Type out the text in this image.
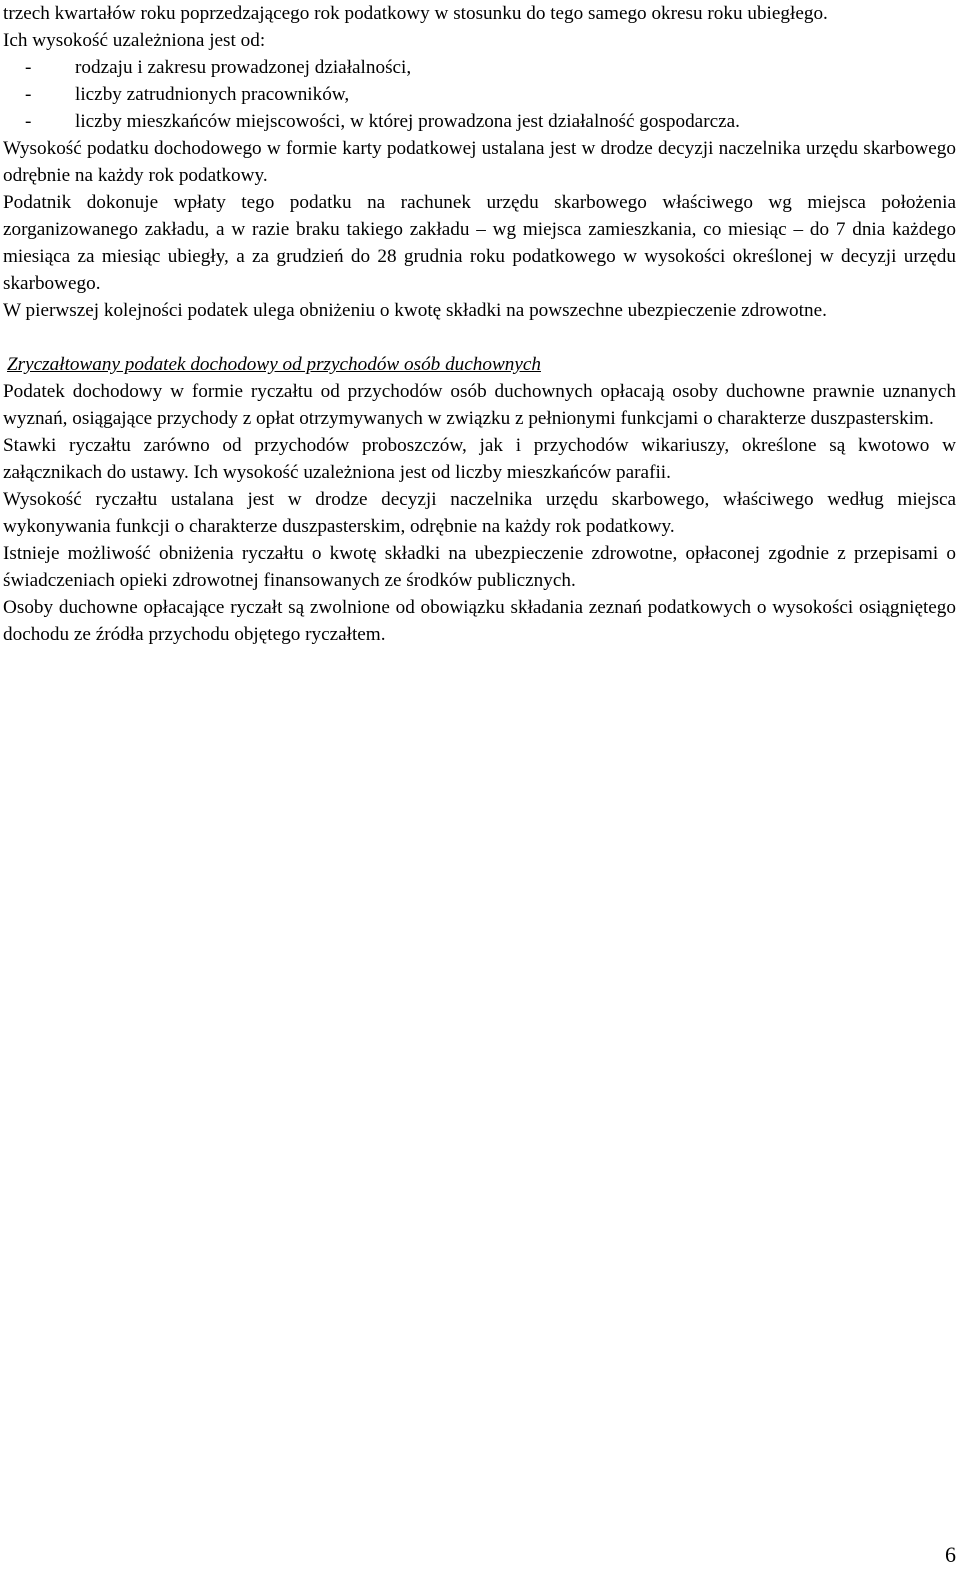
trzech kwartałów roku poprzedzającego rok podatkowy w stosunku do tego samego okresu roku ubiegłego.

Ich wysokość uzależniona jest od:

- rodzaju i zakresu prowadzonej działalności,
- liczby zatrudnionych pracowników,
- liczby mieszkańców miejscowości, w której prowadzona jest działalność gospodarcza.

Wysokość podatku dochodowego w formie karty podatkowej ustalana jest w drodze decyzji naczelnika urzędu skarbowego odrębnie na każdy rok podatkowy.

Podatnik dokonuje wpłaty tego podatku na rachunek urzędu skarbowego właściwego wg miejsca położenia zorganizowanego zakładu, a w razie braku takiego zakładu – wg miejsca zamieszkania, co miesiąc – do 7 dnia każdego miesiąca za miesiąc ubiegły, a za grudzień do 28 grudnia roku podatkowego w wysokości określonej w decyzji urzędu skarbowego.

W pierwszej kolejności podatek ulega obniżeniu o kwotę składki na powszechne ubezpieczenie zdrowotne.

Zryczałtowany podatek dochodowy od przychodów osób duchownych

Podatek dochodowy w formie ryczałtu od przychodów osób duchownych opłacają osoby duchowne prawnie uznanych wyznań, osiągające przychody z opłat otrzymywanych w związku z pełnionymi funkcjami o charakterze duszpasterskim.

Stawki ryczałtu zarówno od przychodów proboszczów, jak i przychodów wikariuszy, określone są kwotowo w załącznikach do ustawy. Ich wysokość uzależniona jest od liczby mieszkańców parafii.

Wysokość ryczałtu ustalana jest w drodze decyzji naczelnika urzędu skarbowego, właściwego według miejsca wykonywania funkcji o charakterze duszpasterskim, odrębnie na każdy rok podatkowy.

Istnieje możliwość obniżenia ryczałtu o kwotę składki na ubezpieczenie zdrowotne, opłaconej zgodnie z przepisami o świadczeniach opieki zdrowotnej finansowanych ze środków publicznych.

Osoby duchowne opłacające ryczałt są zwolnione od obowiązku składania zeznań podatkowych o wysokości osiągniętego dochodu ze źródła przychodu objętego ryczałtem.

6
